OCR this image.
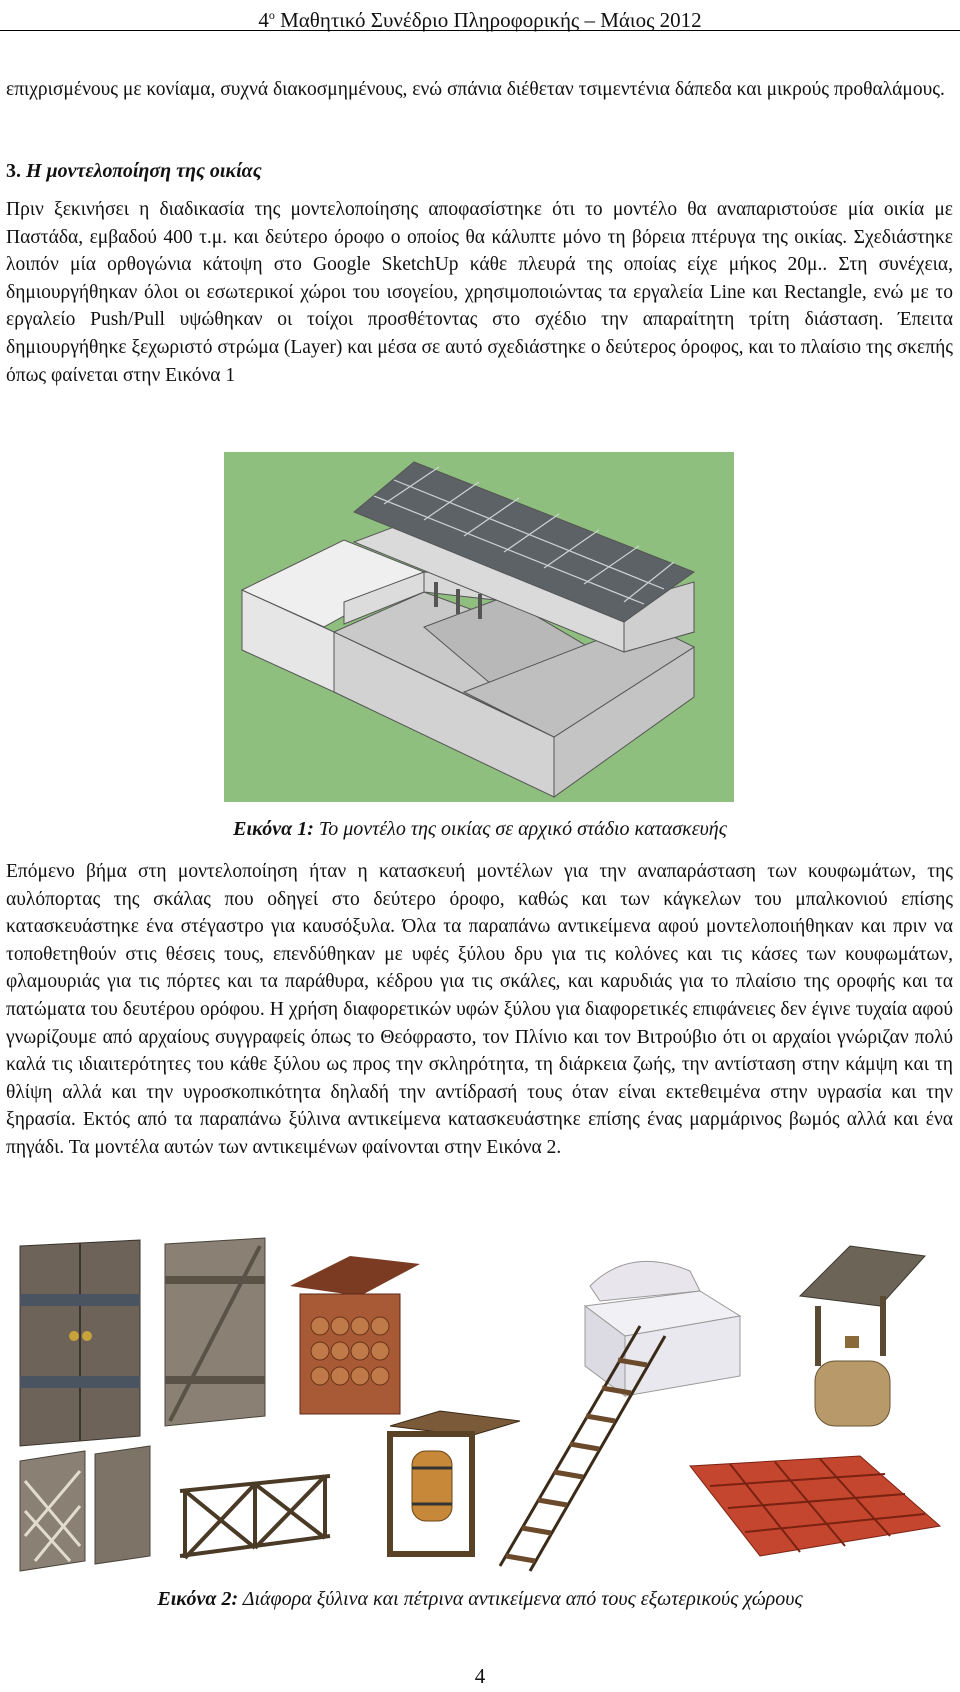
$4^o$ Μαθητικό Συνέδριο Πληροφορικής – Μάιος 2012

επιχρισμένους με κονίαμα, συχνά διακοσμημένους, ενώ σπάνια διέθεταν τσιμεντένια δάπεδα και μικρούς προθαλάμους.

3. Η μοντελοποίηση της οικίας

Πριν ξεκινήσει η διαδικασία της μοντελοποίησης αποφασίστηκε ότι το μοντέλο θα αναπαριστούσε μία οικία με Παστάδα, εμβαδού 400 τ.μ. και δεύτερο όροφο ο οποίος θα κάλυπτε μόνο τη βόρεια πτέρυγα της οικίας. Σχεδιάστηκε λοιπόν μία ορθογώνια κάτοψη στο Google SketchUp κάθε πλευρά της οποίας είχε μήκος 20μ.. Στη συνέχεια, δημιουργήθηκαν όλοι οι εσωτερικοί χώροι του ισογείου, χρησιμοποιώντας τα εργαλεία Line και Rectangle, ενώ με το εργαλείο Push/Pull υψώθηκαν οι τοίχοι προσθέτοντας στο σχέδιο την απαραίτητη τρίτη διάσταση. Έπειτα δημιουργήθηκε ξεχωριστό στρώμα (Layer) και μέσα σε αυτό σχεδιάστηκε ο δεύτερος όροφος, και το πλαίσιο της σκεπής όπως φαίνεται στην Εικόνα 1

Εικόνα 1: Το μοντέλο της οικίας σε αρχικό στάδιο κατασκευής

Επόμενο βήμα στη μοντελοποίηση ήταν η κατασκευή μοντέλων για την αναπαράσταση των κουφωμάτων, της αυλόπορτας της σκάλας που οδηγεί στο δεύτερο όροφο, καθώς και των κάγκελων του μπαλκονιού επίσης κατασκευάστηκε ένα στέγαστρο για καυσόξυλα. Όλα τα παραπάνω αντικείμενα αφού μοντελοποιήθηκαν και πριν να τοποθετηθούν στις θέσεις τους, επενδύθηκαν με υφές ξύλου δρυ για τις κολόνες και τις κάσες των κουφωμάτων, φλαμουριάς για τις πόρτες και τα παράθυρα, κέδρου για τις σκάλες, και καρυδιάς για το πλαίσιο της οροφής και τα πατώματα του δευτέρου ορόφου. Η χρήση διαφορετικών υφών ξύλου για διαφορετικές επιφάνειες δεν έγινε τυχαία αφού γνωρίζουμε από αρχαίους συγγραφείς όπως το Θεόφραστο, τον Πλίνιο και τον Βιτρούβιο ότι οι αρχαίοι γνώριζαν πολύ καλά τις ιδιαιτερότητες του κάθε ξύλου ως προς την σκληρότητα, τη διάρκεια ζωής, την αντίσταση στην κάμψη και τη θλίψη αλλά και την υγροσκοπικότητα δηλαδή την αντίδρασή τους όταν είναι εκτεθειμένα στην υγρασία και την ξηρασία. Εκτός από τα παραπάνω ξύλινα αντικείμενα κατασκευάστηκε επίσης ένας μαρμάρινος βωμός αλλά και ένα πηγάδι. Τα μοντέλα αυτών των αντικειμένων φαίνονται στην Εικόνα 2.

Εικόνα 2: Διάφορα ξύλινα και πέτρινα αντικείμενα από τους εξωτερικούς χώρους
4
